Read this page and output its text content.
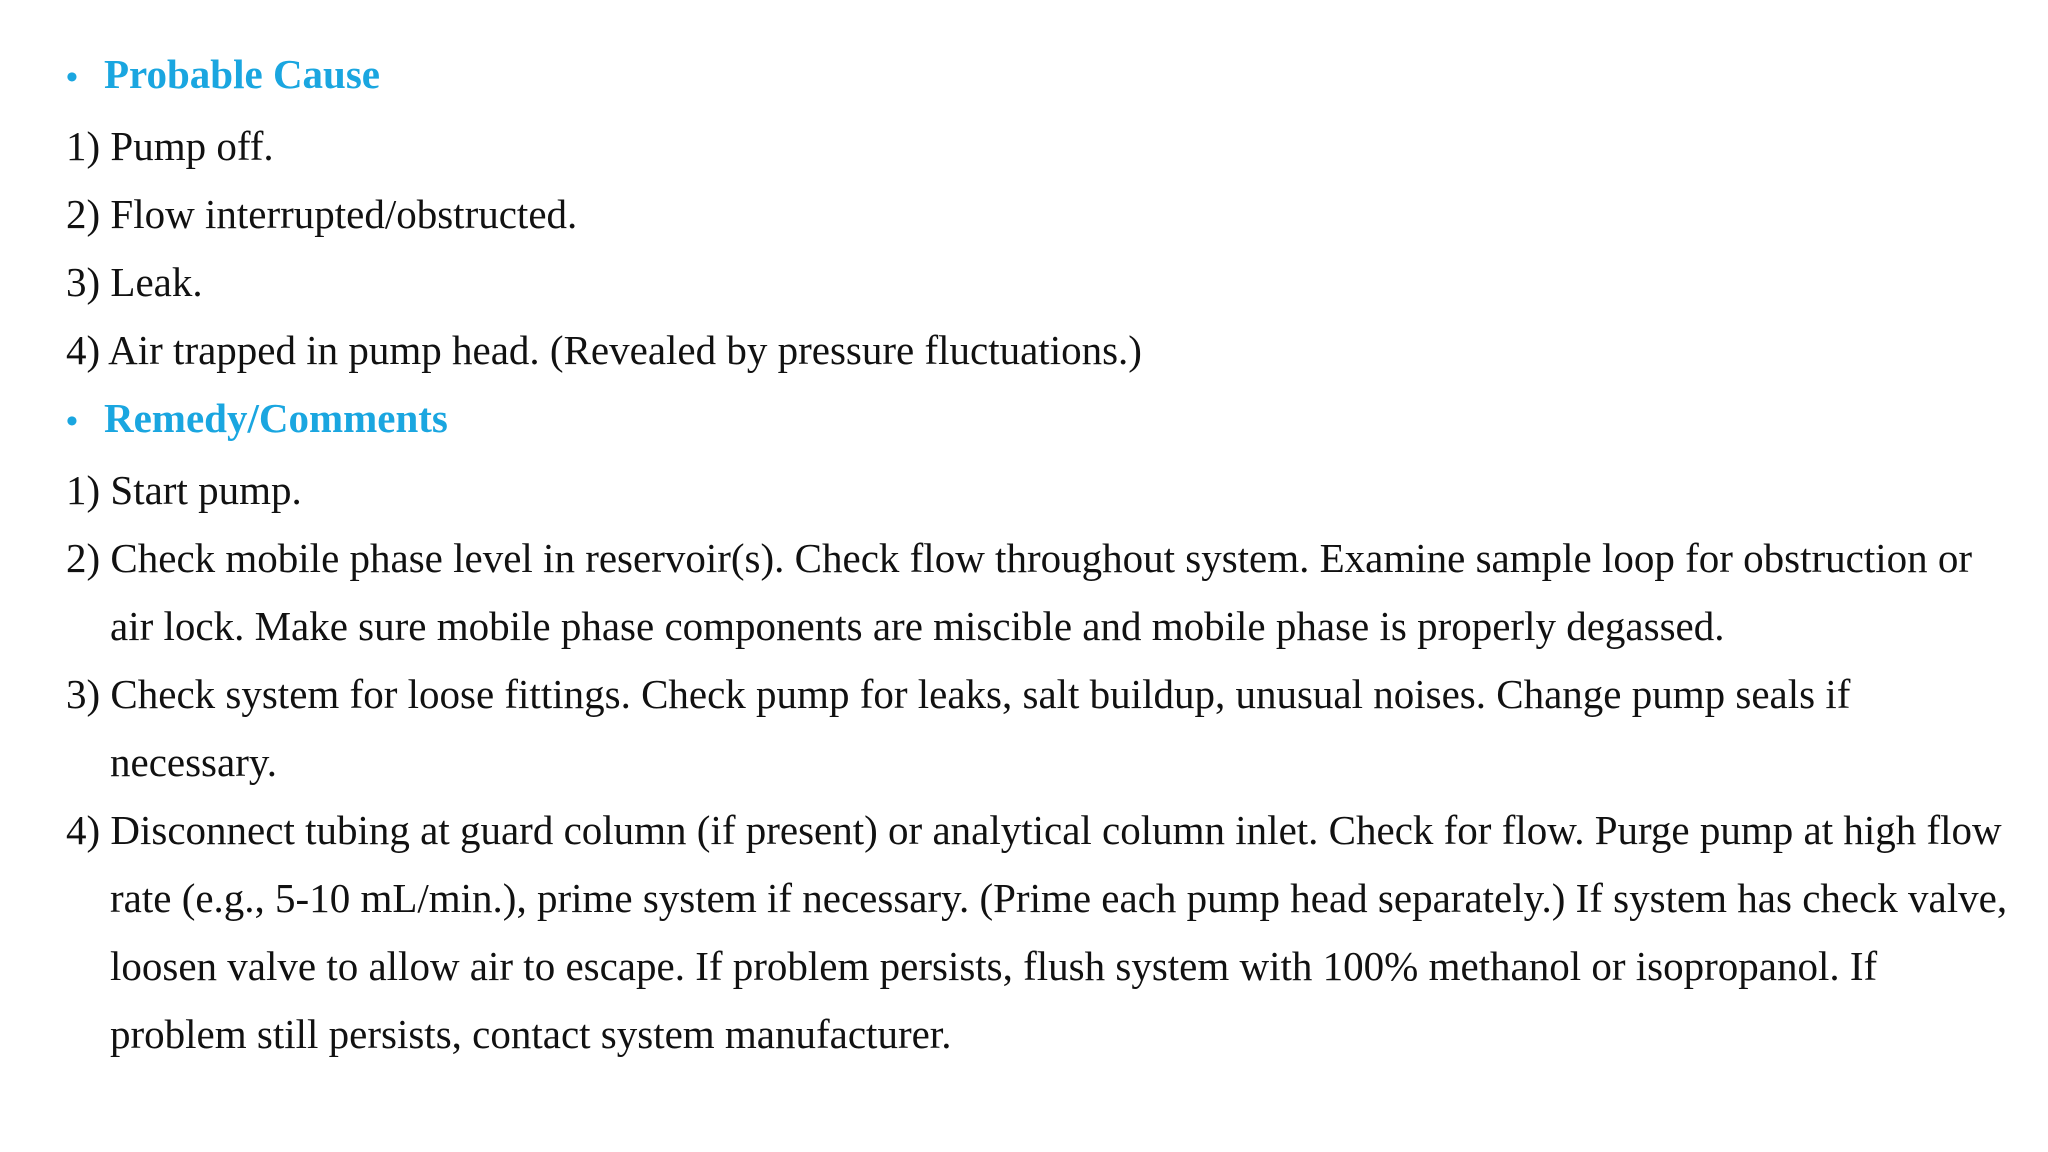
• Probable Cause
1) Pump off.
2) Flow interrupted/obstructed.
3) Leak.
4) Air trapped in pump head. (Revealed by pressure fluctuations.)
• Remedy/Comments
1) Start pump.
2) Check mobile phase level in reservoir(s). Check flow throughout system. Examine sample loop for obstruction or air lock. Make sure mobile phase components are miscible and mobile phase is properly degassed.
3) Check system for loose fittings. Check pump for leaks, salt buildup, unusual noises. Change pump seals if necessary.
4) Disconnect tubing at guard column (if present) or analytical column inlet. Check for flow. Purge pump at high flow rate (e.g., 5-10 mL/min.), prime system if necessary. (Prime each pump head separately.) If system has check valve, loosen valve to allow air to escape. If problem persists, flush system with 100% methanol or isopropanol. If problem still persists, contact system manufacturer.
